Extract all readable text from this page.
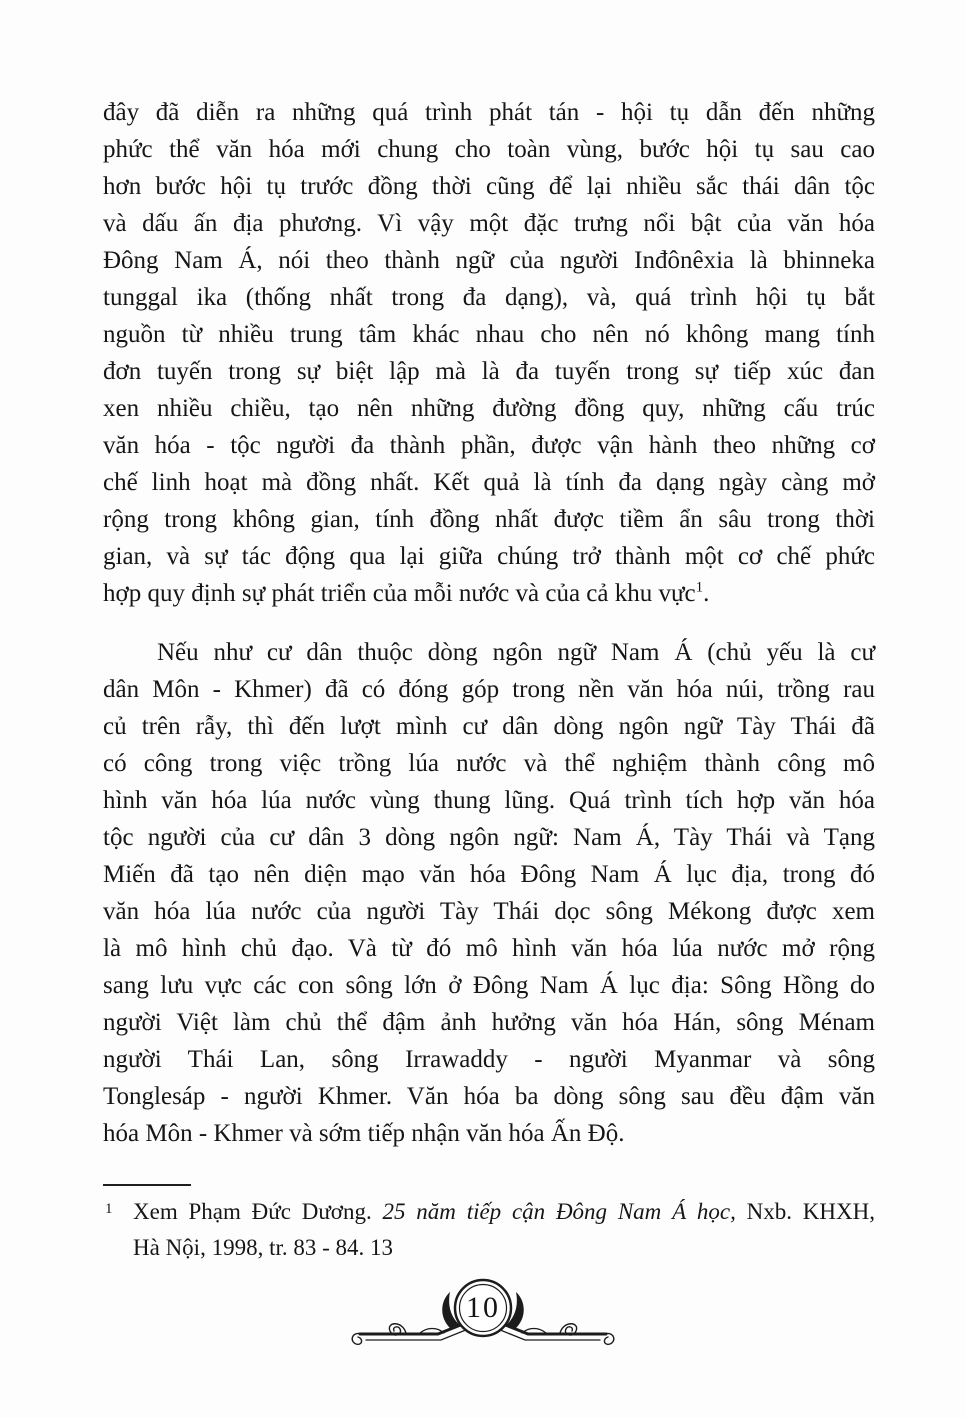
đây đã diễn ra những quá trình phát tán - hội tụ dẫn đến những
phức thể văn hóa mới chung cho toàn vùng, bước hội tụ sau cao
hơn bước hội tụ trước đồng thời cũng để lại nhiều sắc thái dân tộc
và dấu ấn địa phương. Vì vậy một đặc trưng nổi bật của văn hóa
Đông Nam Á, nói theo thành ngữ của người Inđônêxia là bhinneka
tunggal ika (thống nhất trong đa dạng), và, quá trình hội tụ bắt
nguồn từ nhiều trung tâm khác nhau cho nên nó không mang tính
đơn tuyến trong sự biệt lập mà là đa tuyến trong sự tiếp xúc đan
xen nhiều chiều, tạo nên những đường đồng quy, những cấu trúc
văn hóa - tộc người đa thành phần, được vận hành theo những cơ
chế linh hoạt mà đồng nhất. Kết quả là tính đa dạng ngày càng mở
rộng trong không gian, tính đồng nhất được tiềm ẩn sâu trong thời
gian, và sự tác động qua lại giữa chúng trở thành một cơ chế phức
hợp quy định sự phát triển của mỗi nước và của cả khu vực$^1$.
Nếu như cư dân thuộc dòng ngôn ngữ Nam Á (chủ yếu là cư
dân Môn - Khmer) đã có đóng góp trong nền văn hóa núi, trồng rau
củ trên rẫy, thì đến lượt mình cư dân dòng ngôn ngữ Tày Thái đã
có công trong việc trồng lúa nước và thể nghiệm thành công mô
hình văn hóa lúa nước vùng thung lũng. Quá trình tích hợp văn hóa
tộc người của cư dân 3 dòng ngôn ngữ: Nam Á, Tày Thái và Tạng
Miến đã tạo nên diện mạo văn hóa Đông Nam Á lục địa, trong đó
văn hóa lúa nước của người Tày Thái dọc sông Mékong được xem
là mô hình chủ đạo. Và từ đó mô hình văn hóa lúa nước mở rộng
sang lưu vực các con sông lớn ở Đông Nam Á lục địa: Sông Hồng do
người Việt làm chủ thể đậm ảnh hưởng văn hóa Hán, sông Ménam
người Thái Lan, sông Irrawaddy - người Myanmar và sông
Tonglesáp - người Khmer. Văn hóa ba dòng sông sau đều đậm văn
hóa Môn - Khmer và sớm tiếp nhận văn hóa Ấn Độ.
1 Xem Phạm Đức Dương. 25 năm tiếp cận Đông Nam Á học, Nxb. KHXH,
Hà Nội, 1998, tr. 83 - 84. 13
10
